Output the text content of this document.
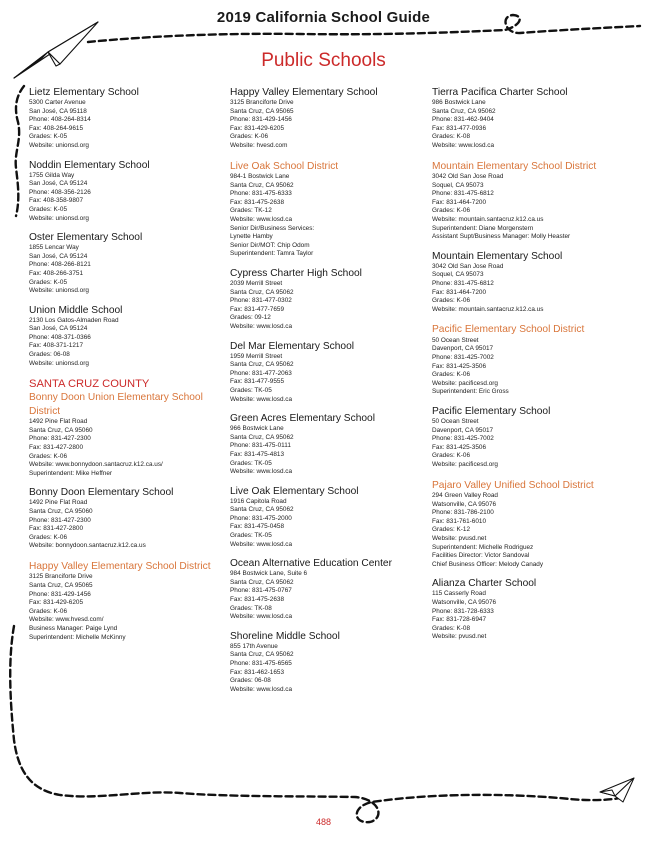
2019 California School Guide
Public Schools
Lietz Elementary School
5300 Carter Avenue
San José, CA 95118
Phone: 408-264-8314
Fax: 408-264-9615
Grades: K-05
Website: unionsd.org
Noddin Elementary School
1755 Gilda Way
San José, CA 95124
Phone: 408-356-2126
Fax: 408-358-9807
Grades: K-05
Website: unionsd.org
Oster Elementary School
1855 Lencar Way
San José, CA 95124
Phone: 408-266-8121
Fax: 408-266-3751
Grades: K-05
Website: unionsd.org
Union Middle School
2130 Los Gatos-Almaden Road
San José, CA 95124
Phone: 408-371-0366
Fax: 408-371-1217
Grades: 06-08
Website: unionsd.org
SANTA CRUZ COUNTY
Bonny Doon Union Elementary School District
1492 Pine Flat Road
Santa Cruz, CA 95060
Phone: 831-427-2300
Fax: 831-427-2800
Grades: K-06
Website: www.bonnydoon.santacruz.k12.ca.us/
Superintendent: Mike Heffner
Bonny Doon Elementary School
1492 Pine Flat Road
Santa Cruz, CA 95060
Phone: 831-427-2300
Fax: 831-427-2800
Grades: K-06
Website: bonnydoon.santacruz.k12.ca.us
Happy Valley Elementary School District
3125 Branciforte Drive
Santa Cruz, CA 95065
Phone: 831-429-1456
Fax: 831-429-6205
Grades: K-06
Website: www.hvesd.com/
Business Manager: Paige Lynd
Superintendent: Michelle McKinny
Happy Valley Elementary School
3125 Branciforte Drive
Santa Cruz, CA 95065
Phone: 831-429-1456
Fax: 831-429-6205
Grades: K-06
Website: hvesd.com
Live Oak School District
984-1 Bostwick Lane
Santa Cruz, CA 95062
Phone: 831-475-6333
Fax: 831-475-2638
Grades: TK-12
Website: www.losd.ca
Senior Dir/Business Services:
Lynette Hamby
Senior Dir/MOT: Chip Odom
Superintendent: Tamra Taylor
Cypress Charter High School
2039 Merrill Street
Santa Cruz, CA 95062
Phone: 831-477-0302
Fax: 831-477-7659
Grades: 09-12
Website: www.losd.ca
Del Mar Elementary School
1959 Merrill Street
Santa Cruz, CA 95062
Phone: 831-477-2063
Fax: 831-477-9555
Grades: TK-05
Website: www.losd.ca
Green Acres Elementary School
966 Bostwick Lane
Santa Cruz, CA 95062
Phone: 831-475-0111
Fax: 831-475-4813
Grades: TK-05
Website: www.losd.ca
Live Oak Elementary School
1916 Capitola Road
Santa Cruz, CA 95062
Phone: 831-475-2000
Fax: 831-475-0458
Grades: TK-05
Website: www.losd.ca
Ocean Alternative Education Center
984 Bostwick Lane, Suite 6
Santa Cruz, CA 95062
Phone: 831-475-0767
Fax: 831-475-2638
Grades: TK-08
Website: www.losd.ca
Shoreline Middle School
855 17th Avenue
Santa Cruz, CA 95062
Phone: 831-475-6565
Fax: 831-462-1653
Grades: 06-08
Website: www.losd.ca
Tierra Pacifica Charter School
986 Bostwick Lane
Santa Cruz, CA 95062
Phone: 831-462-9404
Fax: 831-477-0936
Grades: K-08
Website: www.losd.ca
Mountain Elementary School District
3042 Old San Jose Road
Soquel, CA 95073
Phone: 831-475-6812
Fax: 831-464-7200
Grades: K-06
Website: mountain.santacruz.k12.ca.us
Superintendent: Diane Morgenstern
Assistant Supt/Business Manager: Molly Heaster
Mountain Elementary School
3042 Old San Jose Road
Soquel, CA 95073
Phone: 831-475-6812
Fax: 831-464-7200
Grades: K-06
Website: mountain.santacruz.k12.ca.us
Pacific Elementary School District
50 Ocean Street
Davenport, CA 95017
Phone: 831-425-7002
Fax: 831-425-3506
Grades: K-06
Website: pacificesd.org
Superintendent: Eric Gross
Pacific Elementary School
50 Ocean Street
Davenport, CA 95017
Phone: 831-425-7002
Fax: 831-425-3506
Grades: K-06
Website: pacificesd.org
Pajaro Valley Unified School District
294 Green Valley Road
Watsonville, CA 95076
Phone: 831-786-2100
Fax: 831-761-6010
Grades: K-12
Website: pvusd.net
Superintendent: Michelle Rodriguez
Facilities Director: Victor Sandoval
Chief Business Officer: Melody Canady
Alianza Charter School
115 Casserly Road
Watsonville, CA 95076
Phone: 831-728-6333
Fax: 831-728-6947
Grades: K-08
Website: pvusd.net
488
